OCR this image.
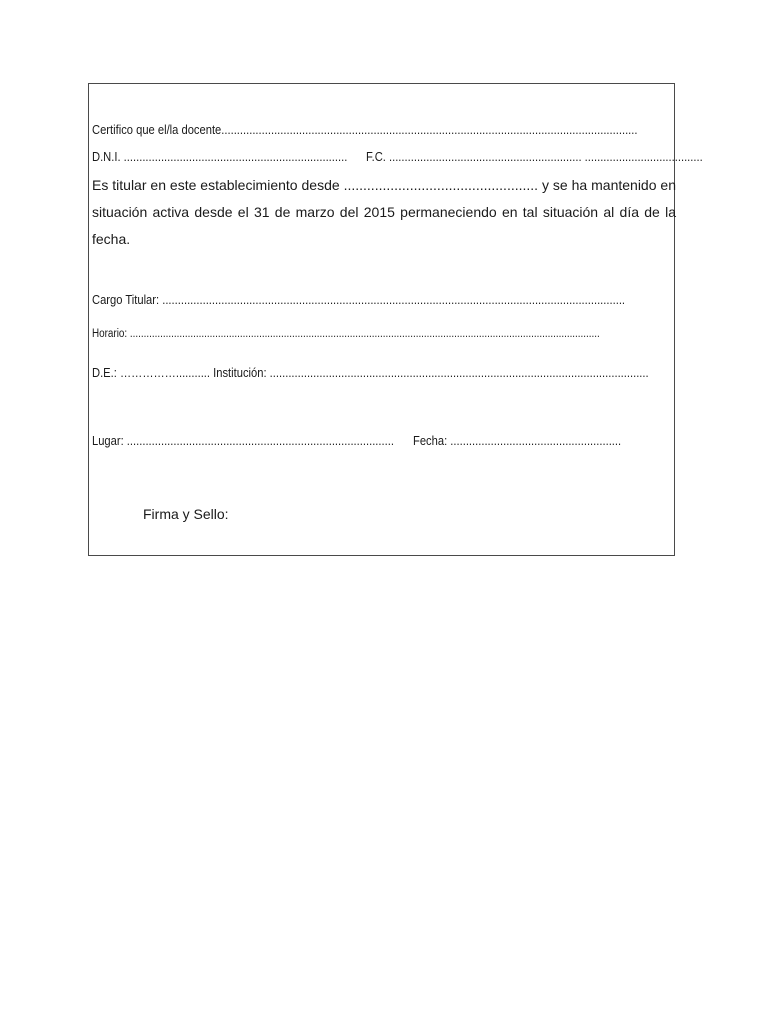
Certifico que el/la docente......................................................................................................................................
D.N.I. ........................................................................ F.C. .............................................................. ......................................
Es titular en este establecimiento desde .................................................. y se ha mantenido en situación activa desde el 31 de marzo del 2015 permaneciendo en tal situación al día de la fecha.
Cargo Titular: .....................................................................................................................................................
Horario: ...........................................................................................................................................................................
D.E.: ……………........... Institución: ..........................................................................................................................
Lugar: ...................................................................................... Fecha: .......................................................
Firma y Sello:
